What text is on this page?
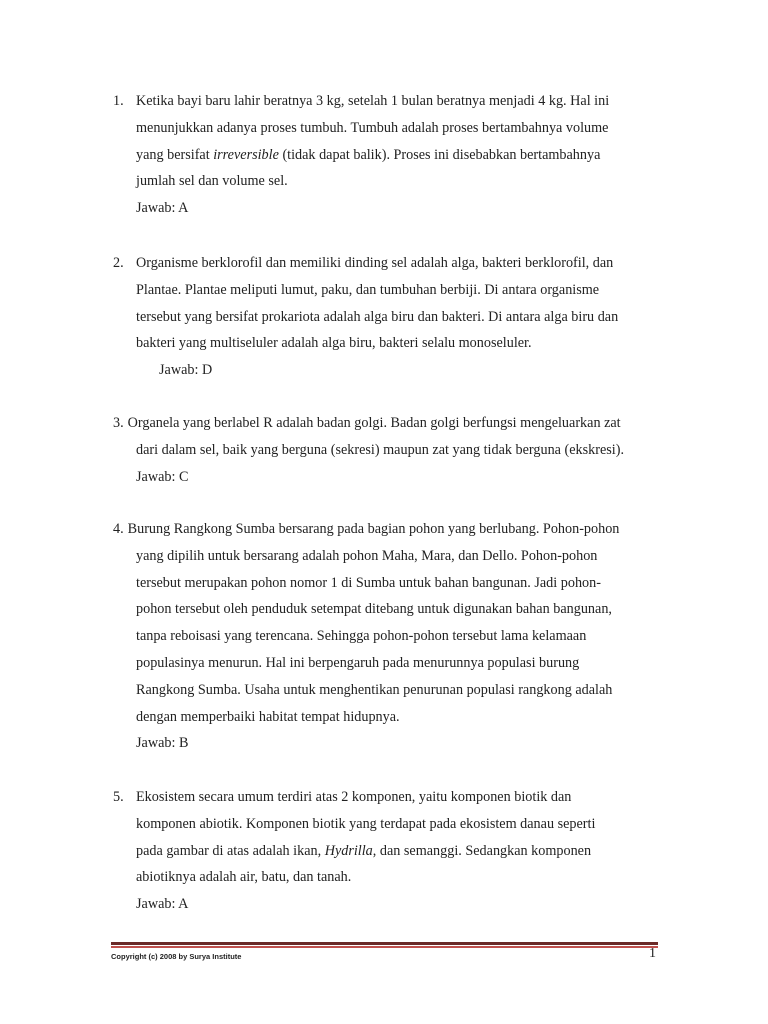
1. Ketika bayi baru lahir beratnya 3 kg, setelah 1 bulan beratnya menjadi 4 kg. Hal ini
menunjukkan adanya proses tumbuh. Tumbuh adalah proses bertambahnya volume
yang bersifat irreversible (tidak dapat balik). Proses ini disebabkan bertambahnya
jumlah sel dan volume sel.
Jawab: A
2. Organisme berklorofil dan memiliki dinding sel adalah alga, bakteri berklorofil, dan
Plantae. Plantae meliputi lumut, paku, dan tumbuhan berbiji. Di antara organisme
tersebut yang bersifat prokariota adalah alga biru dan bakteri. Di antara alga biru dan
bakteri yang multiseluler adalah alga biru, bakteri selalu monoseluler.
Jawab: D
3. Organela yang berlabel R adalah badan golgi. Badan golgi berfungsi mengeluarkan zat
dari dalam sel, baik yang berguna (sekresi) maupun zat yang tidak berguna (ekskresi).
Jawab: C
4. Burung Rangkong Sumba bersarang pada bagian pohon yang berlubang. Pohon-pohon
yang dipilih untuk bersarang adalah pohon Maha, Mara, dan Dello. Pohon-pohon
tersebut merupakan pohon nomor 1 di Sumba untuk bahan bangunan. Jadi pohon-
pohon tersebut oleh penduduk setempat ditebang untuk digunakan bahan bangunan,
tanpa reboisasi yang terencana. Sehingga pohon-pohon tersebut lama kelamaan
populasinya menurun. Hal ini berpengaruh pada menurunnya populasi burung
Rangkong Sumba. Usaha untuk menghentikan penurunan populasi rangkong adalah
dengan memperbaiki habitat tempat hidupnya.
Jawab: B
5. Ekosistem secara umum terdiri atas 2 komponen, yaitu komponen biotik dan
komponen abiotik. Komponen biotik yang terdapat pada ekosistem danau seperti
pada gambar di atas adalah ikan, Hydrilla, dan semanggi. Sedangkan komponen
abiotiknya adalah air, batu, dan tanah.
Jawab: A
Copyright (c) 2008 by Surya Institute	1
